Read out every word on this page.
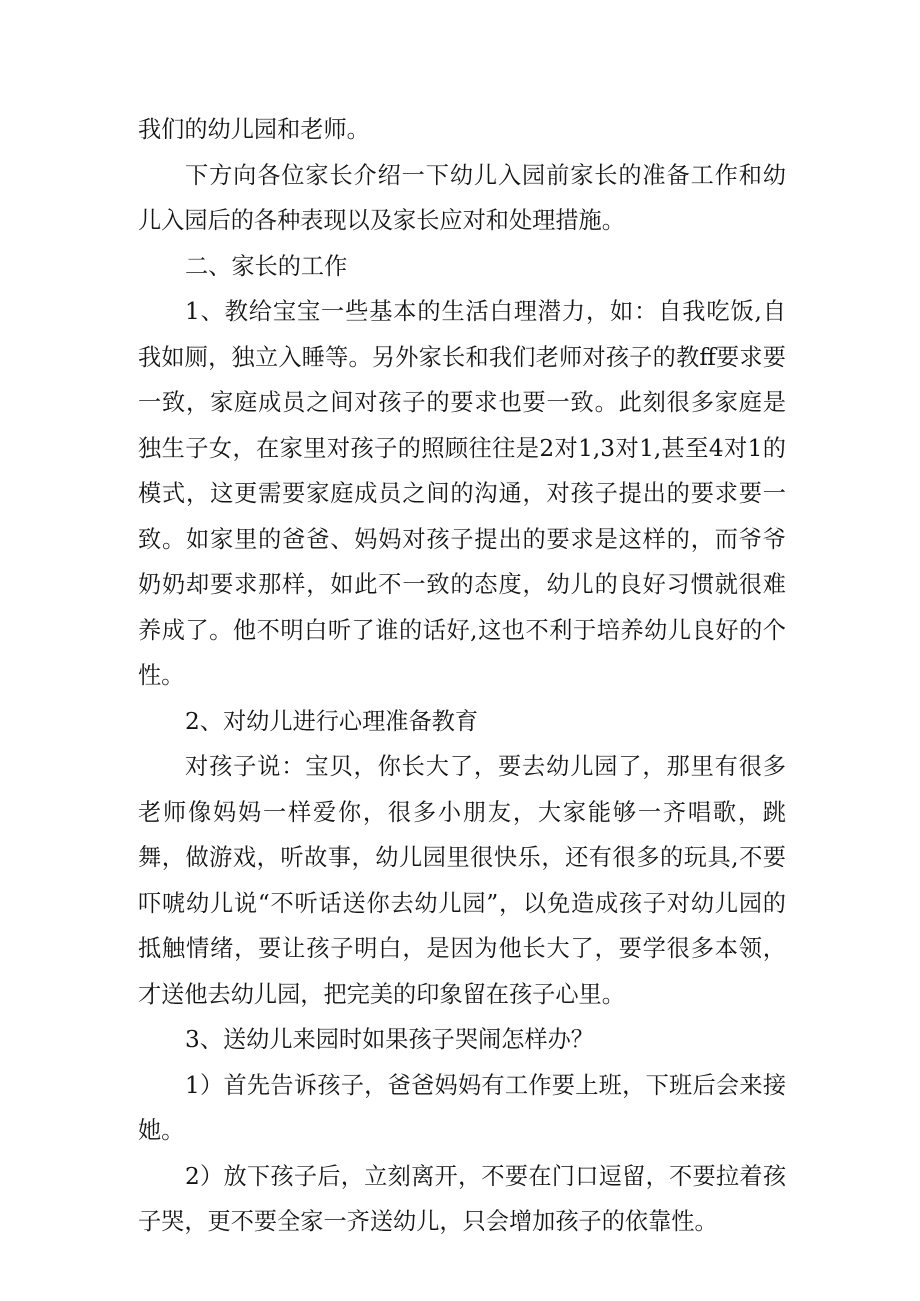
我们的幼儿园和老师。

下方向各位家长介绍一下幼儿入园前家长的准备工作和幼儿入园后的各种表现以及家长应对和处理措施。

二、家长的工作

1、教给宝宝一些基本的生活白理潜力，如：自我吃饭,自我如厕，独立入睡等。另外家长和我们老师对孩子的教ff要求要一致，家庭成员之间对孩子的要求也要一致。此刻很多家庭是独生子女，在家里对孩子的照顾往往是2对1,3对1,甚至4对1的模式，这更需要家庭成员之间的沟通，对孩子提出的要求要一致。如家里的爸爸、妈妈对孩子提出的要求是这样的，而爷爷奶奶却要求那样，如此不一致的态度，幼儿的良好习惯就很难养成了。他不明白听了谁的话好,这也不利于培养幼儿良好的个性。

2、对幼儿进行心理准备教育

对孩子说：宝贝，你长大了，要去幼儿园了，那里有很多老师像妈妈一样爱你，很多小朋友，大家能够一齐唱歌，跳舞，做游戏，听故事，幼儿园里很快乐，还有很多的玩具,不要吓唬幼儿说“不听话送你去幼儿园”，以免造成孩子对幼儿园的抵触情绪，要让孩子明白，是因为他长大了，要学很多本领，才送他去幼儿园，把完美的印象留在孩子心里。

3、送幼儿来园时如果孩子哭闹怎样办？

1）首先告诉孩子，爸爸妈妈有工作要上班，下班后会来接她。

2）放下孩子后，立刻离开，不要在门口逗留，不要拉着孩子哭，更不要全家一齐送幼儿，只会增加孩子的依靠性。
